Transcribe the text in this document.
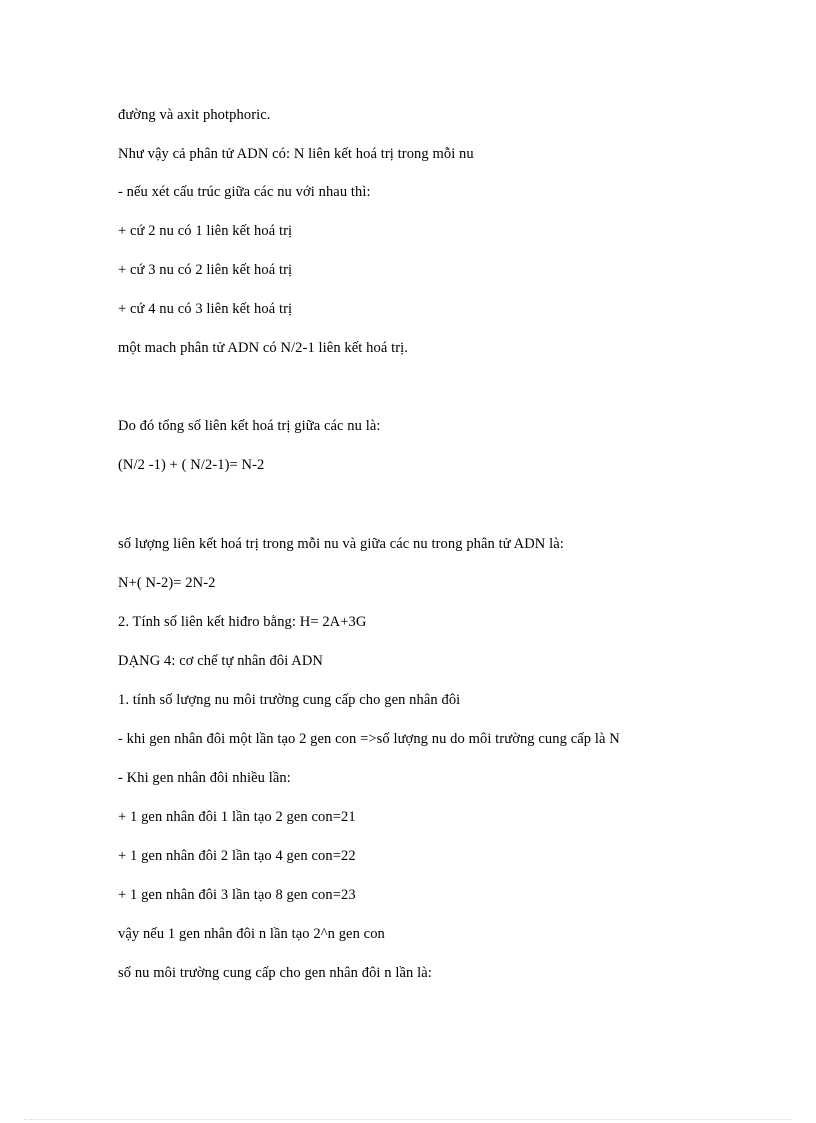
đường và axit photphoric.
Như vậy cả phân tử ADN có: N liên kết hoá trị trong mỗi nu
- nếu xét cấu trúc giữa các nu với nhau thì:
+ cứ 2 nu có 1 liên kết hoá trị
+ cứ 3 nu có 2 liên kết hoá trị
+ cứ 4 nu có 3 liên kết hoá trị
một mach phân tử ADN có N/2-1 liên kết hoá trị.
Do đó tổng số liên kết hoá trị giữa các nu là:
(N/2 -1) + ( N/2-1)= N-2
số lượng liên kết hoá trị trong mỗi nu và giữa các nu trong phân tử ADN là:
N+( N-2)= 2N-2
2. Tính số liên kết hiđro bằng: H= 2A+3G
DẠNG 4: cơ chế tự nhân đôi ADN
1. tính số lượng nu môi trường cung cấp cho gen nhân đôi
- khi gen nhân đôi một lần tạo 2 gen con =>số lượng nu do môi trường cung cấp là N
- Khi gen nhân đôi nhiều lần:
+ 1 gen nhân đôi 1 lần tạo 2 gen con=21
+ 1 gen nhân đôi 2 lần tạo 4 gen con=22
+ 1 gen nhân đôi 3 lần tạo 8 gen con=23
vậy nếu 1 gen nhân đôi n lần tạo 2^n gen con
số nu môi trường cung cấp cho gen nhân đôi n lần là:
